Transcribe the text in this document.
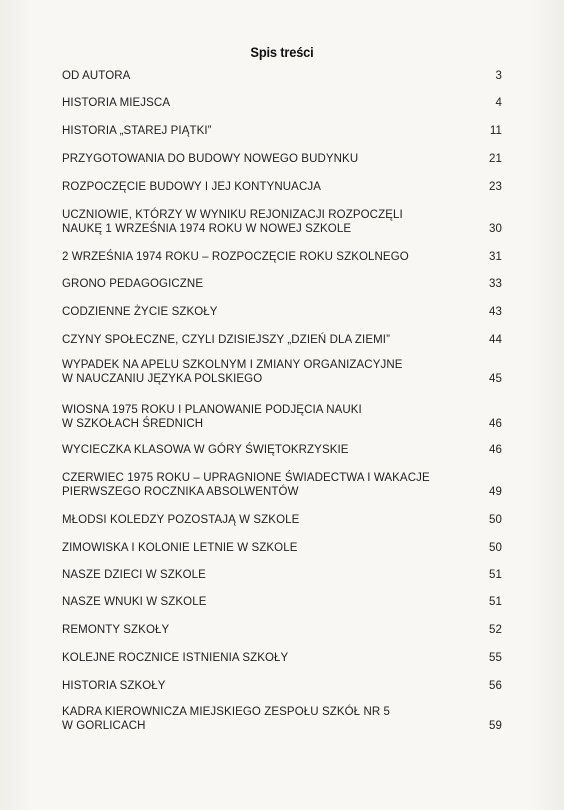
Spis treści
OD AUTORA	3
HISTORIA MIEJSCA	4
HISTORIA „STAREJ PIĄTKI”	11
PRZYGOTOWANIA DO BUDOWY NOWEGO BUDYNKU	21
ROZPOCZĘCIE BUDOWY I JEJ KONTYNUACJA	23
UCZNIOWIE, KTÓRZY W WYNIKU REJONIZACJI ROZPOCZĘLI
NAUKĘ 1 WRZEŚNIA 1974 ROKU W NOWEJ SZKOLE	30
2 WRZEŚNIA 1974 ROKU – ROZPOCZĘCIE ROKU SZKOLNEGO	31
GRONO PEDAGOGICZNE	33
CODZIENNE ŻYCIE SZKOŁY	43
CZYNY SPOŁECZNE, CZYLI DZISIEJSZY „DZIEŃ DLA ZIEMI”	44
WYPADEK NA APELU SZKOLNYM I ZMIANY ORGANIZACYJNE
W NAUCZANIU JĘZYKA POLSKIEGO	45
WIOSNA 1975 ROKU I PLANOWANIE PODJĘCIA NAUKI
W SZKOŁACH ŚREDNICH	46
WYCIECZKA KLASOWA W GÓRY ŚWIĘTOKRZYSKIE	46
CZERWIEC 1975 ROKU – UPRAGNIONE ŚWIADECTWA I WAKACJE
PIERWSZEGO ROCZNIKA ABSOLWENTÓW	49
MŁODSI KOLEDZY POZOSTAJĄ W SZKOLE	50
ZIMOWISKA I KOLONIE LETNIE W SZKOLE	50
NASZE DZIECI W SZKOLE	51
NASZE WNUKI W SZKOLE	51
REMONTY SZKOŁY	52
KOLEJNE ROCZNICE ISTNIENIA SZKOŁY	55
HISTORIA SZKOŁY	56
KADRA KIEROWNICZA MIEJSKIEGO ZESPOŁU SZKÓŁ NR 5
W GORLICACH	59
